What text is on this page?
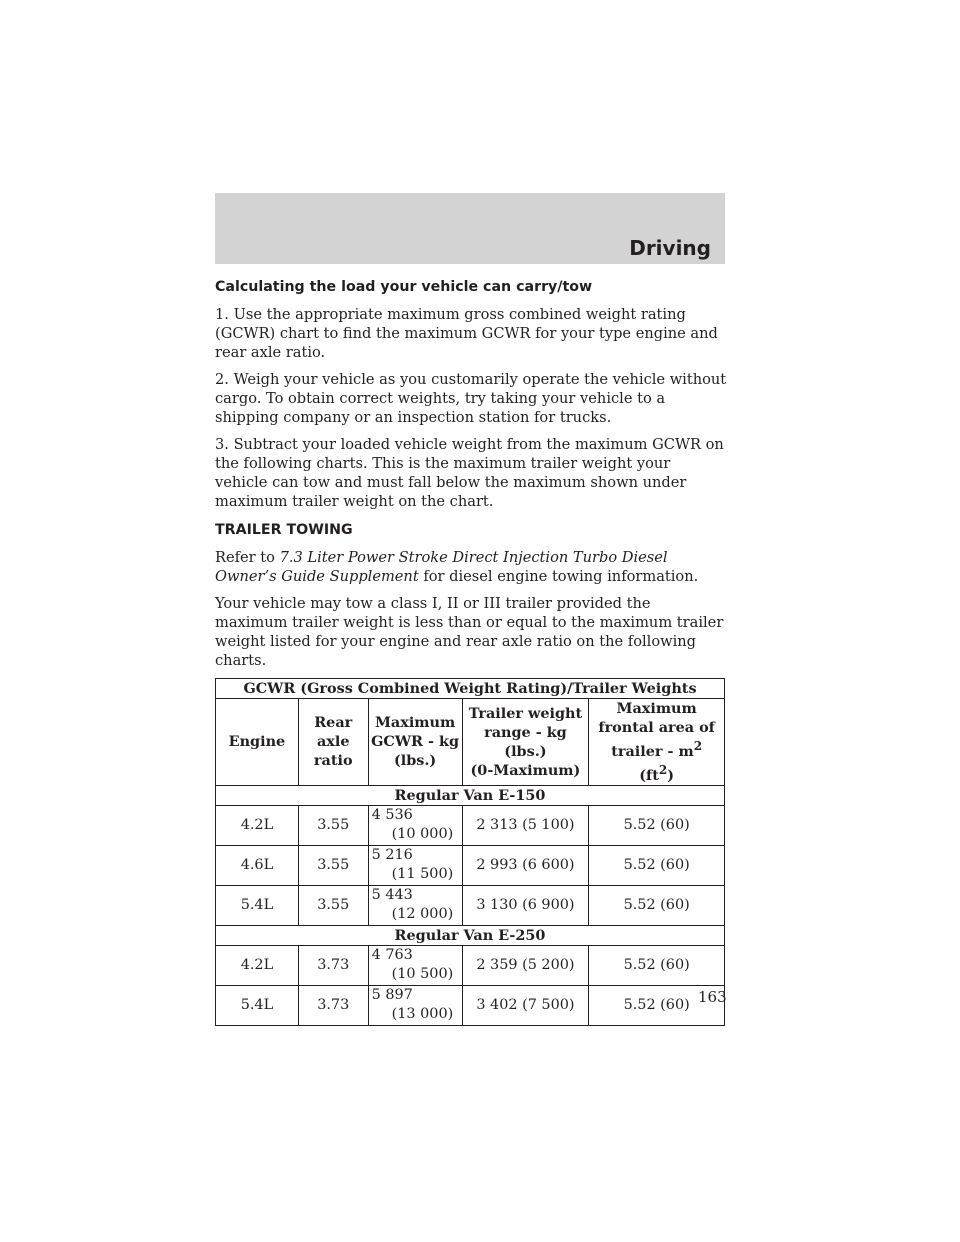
Driving
Calculating the load your vehicle can carry/tow

1. Use the appropriate maximum gross combined weight rating (GCWR) chart to find the maximum GCWR for your type engine and rear axle ratio.

2. Weigh your vehicle as you customarily operate the vehicle without cargo. To obtain correct weights, try taking your vehicle to a shipping company or an inspection station for trucks.

3. Subtract your loaded vehicle weight from the maximum GCWR on the following charts. This is the maximum trailer weight your vehicle can tow and must fall below the maximum shown under maximum trailer weight on the chart.

TRAILER TOWING

Refer to 7.3 Liter Power Stroke Direct Injection Turbo Diesel Owner’s Guide Supplement for diesel engine towing information.

Your vehicle may tow a class I, II or III trailer provided the maximum trailer weight is less than or equal to the maximum trailer weight listed for your engine and rear axle ratio on the following charts.

GCWR (Gross Combined Weight Rating)/Trailer Weights				
Engine	Rear
axle
ratio	Maximum
GCWR - kg
(lbs.)	Trailer weight
range - kg
(lbs.)
(0-Maximum)	Maximum
frontal area of
trailer - $m^2$
$(ft^2)$
Regular Van E-150				
4.2L	3.55	4 536
(10 000)	2 313 (5 100)	5.52 (60)
4.6L	3.55	5 216
(11 500)	2 993 (6 600)	5.52 (60)
5.4L	3.55	5 443
(12 000)	3 130 (6 900)	5.52 (60)
Regular Van E-250				
4.2L	3.73	4 763
(10 500)	2 359 (5 200)	5.52 (60)
5.4L	3.73	5 897
(13 000)	3 402 (7 500)	5.52 (60) 163
